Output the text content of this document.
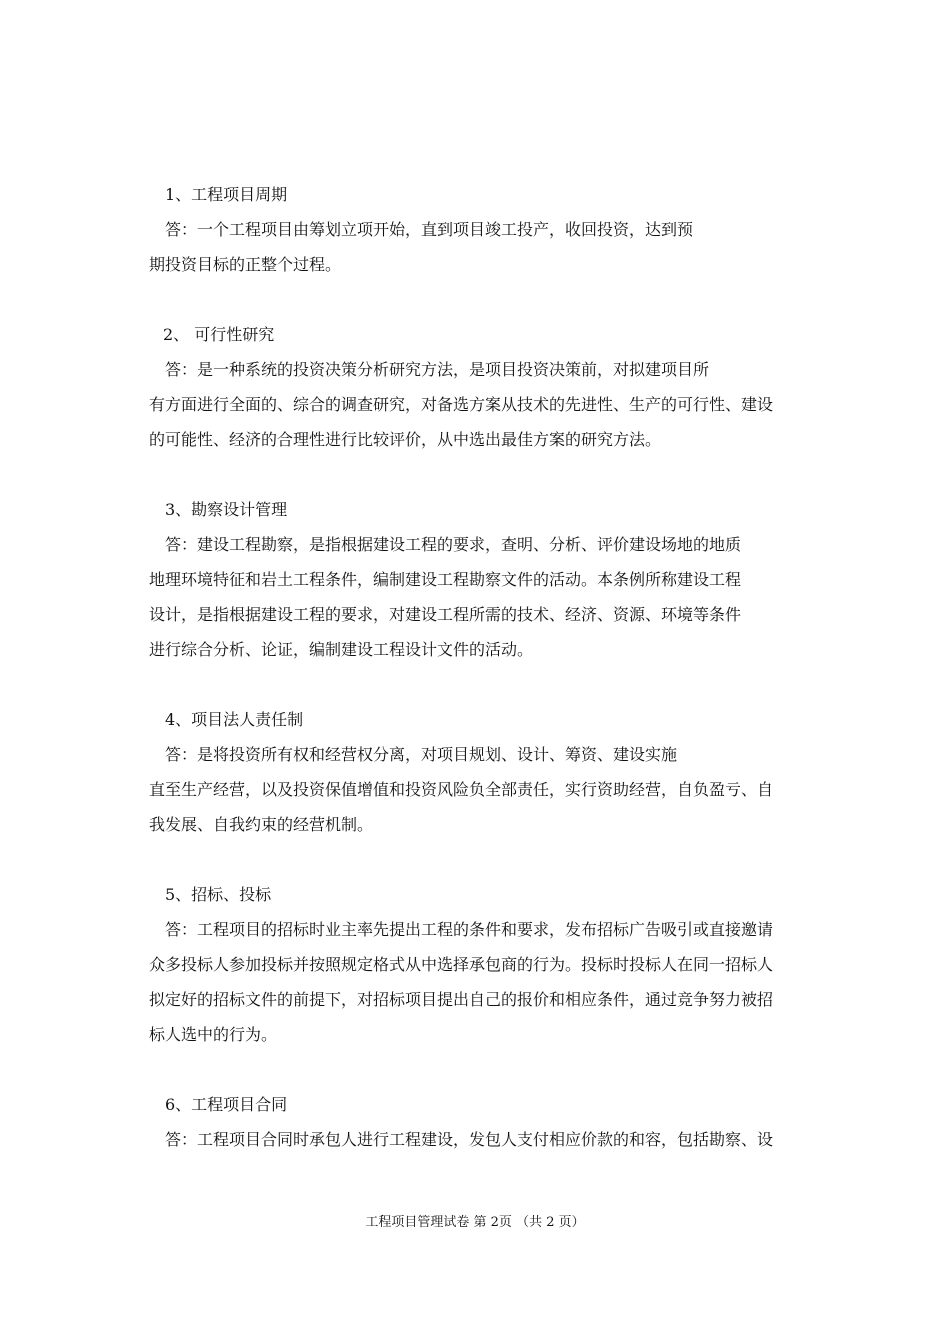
1、工程项目周期
答：一个工程项目由筹划立项开始，直到项目竣工投产，收回投资，达到预
期投资目标的正整个过程。
2、 可行性研究
答：是一种系统的投资决策分析研究方法，是项目投资决策前，对拟建项目所
有方面进行全面的、综合的调查研究，对备选方案从技术的先进性、生产的可行性、建设
的可能性、经济的合理性进行比较评价，从中选出最佳方案的研究方法。
3、勘察设计管理
答：建设工程勘察，是指根据建设工程的要求，查明、分析、评价建设场地的地质
地理环境特征和岩土工程条件，编制建设工程勘察文件的活动。本条例所称建设工程
设计，是指根据建设工程的要求，对建设工程所需的技术、经济、资源、环境等条件
进行综合分析、论证，编制建设工程设计文件的活动。
4、项目法人责任制
答：是将投资所有权和经营权分离，对项目规划、设计、筹资、建设实施
直至生产经营，以及投资保值增值和投资风险负全部责任，实行资助经营，自负盈亏、自
我发展、自我约束的经营机制。
5、招标、投标
答：工程项目的招标时业主率先提出工程的条件和要求，发布招标广告吸引或直接邀请
众多投标人参加投标并按照规定格式从中选择承包商的行为。投标时投标人在同一招标人
拟定好的招标文件的前提下，对招标项目提出自己的报价和相应条件，通过竞争努力被招
标人选中的行为。
6、工程项目合同
答：工程项目合同时承包人进行工程建设，发包人支付相应价款的和容，包括勘察、设
工程项目管理试卷 第 2页 （共 2 页）
